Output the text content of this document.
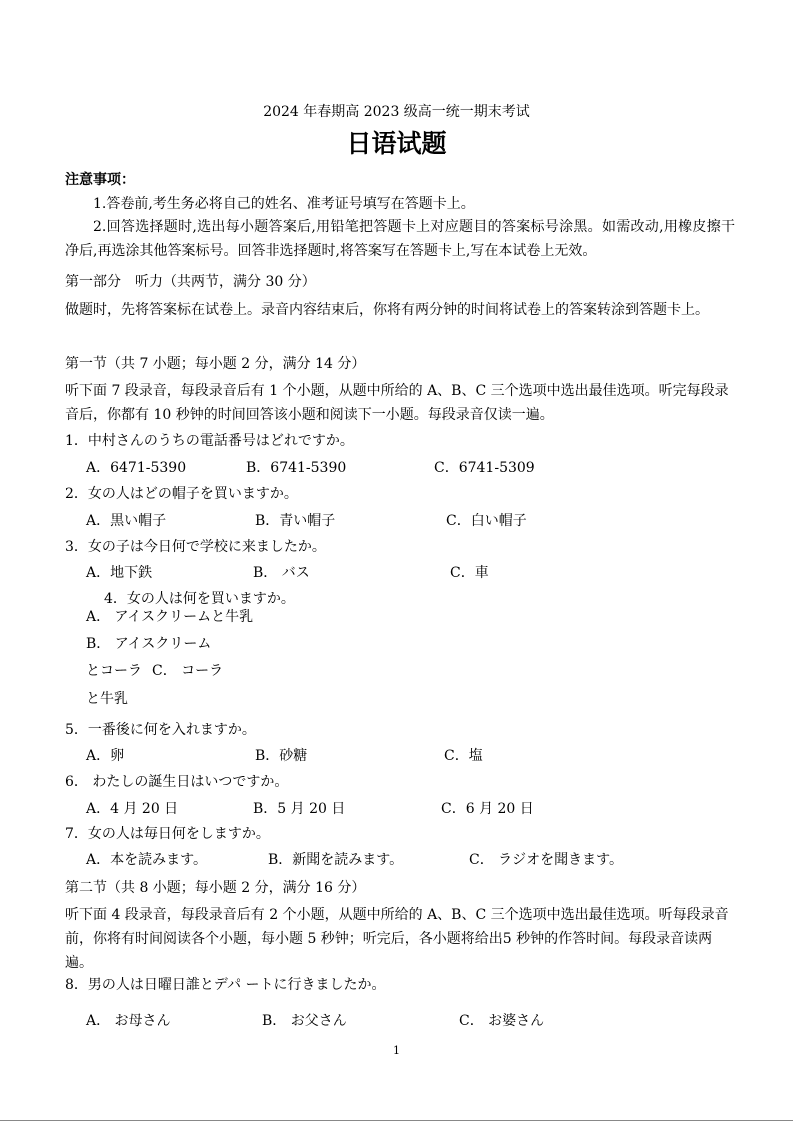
2024 年春期高 2023 级高一统一期末考试
日语试题
注意事项：
1.答卷前,考生务必将自己的姓名、准考证号填写在答题卡上。
2.回答选择题时,选出每小题答案后,用铅笔把答题卡上对应题目的答案标号涂黑。如需改动,用橡皮擦干净后,再选涂其他答案标号。回答非选择题时,将答案写在答题卡上,写在本试卷上无效。
第一部分　听力（共两节，满分 30 分）
做题时，先将答案标在试卷上。录音内容结束后，你将有两分钟的时间将试卷上的答案转涂到答题卡上。
第一节（共 7 小题；每小题 2 分，满分 14 分）
听下面 7 段录音，每段录音后有 1 个小题，从题中所给的 A、B、C 三个选项中选出最佳选项。听完每段录音后，你都有 10 秒钟的时间回答该小题和阅读下一小题。每段录音仅读一遍。
1．中村さんのうちの電話番号はどれですか。
A．6471-5390	B．6741-5390	C．6741-5309
2．女の人はどの帽子を買いますか。
A．黒い帽子	B．青い帽子	C．白い帽子
3．女の子は今日何で学校に来ましたか。
A．地下鉄	B． バス	C．車
4．女の人は何を買いますか。
A． アイスクリームと牛乳
B． アイスクリーム
とコーラ C． コーラ
と牛乳
5．一番後に何を入れますか。
A．卵	B．砂糖	C．塩
6． わたしの誕生日はいつですか。
A．4 月 20 日	B．5 月 20 日	C．6 月 20 日
7．女の人は毎日何をしますか。
A．本を読みます。	B．新聞を読みます。	C． ラジオを聞きます。
第二节（共 8 小题；每小题 2 分，满分 16 分）
听下面 4 段录音，每段录音后有 2 个小题，从题中所给的 A、B、C 三个选项中选出最佳选项。听每段录音前，你将有时间阅读各个小题，每小题 5 秒钟；听完后，各小题将给出5 秒钟的作答时间。每段录音读两遍。
8．男の人は日曜日誰とデパ ートに行きましたか。
A． お母さん	B． お父さん	C． お婆さん
1
